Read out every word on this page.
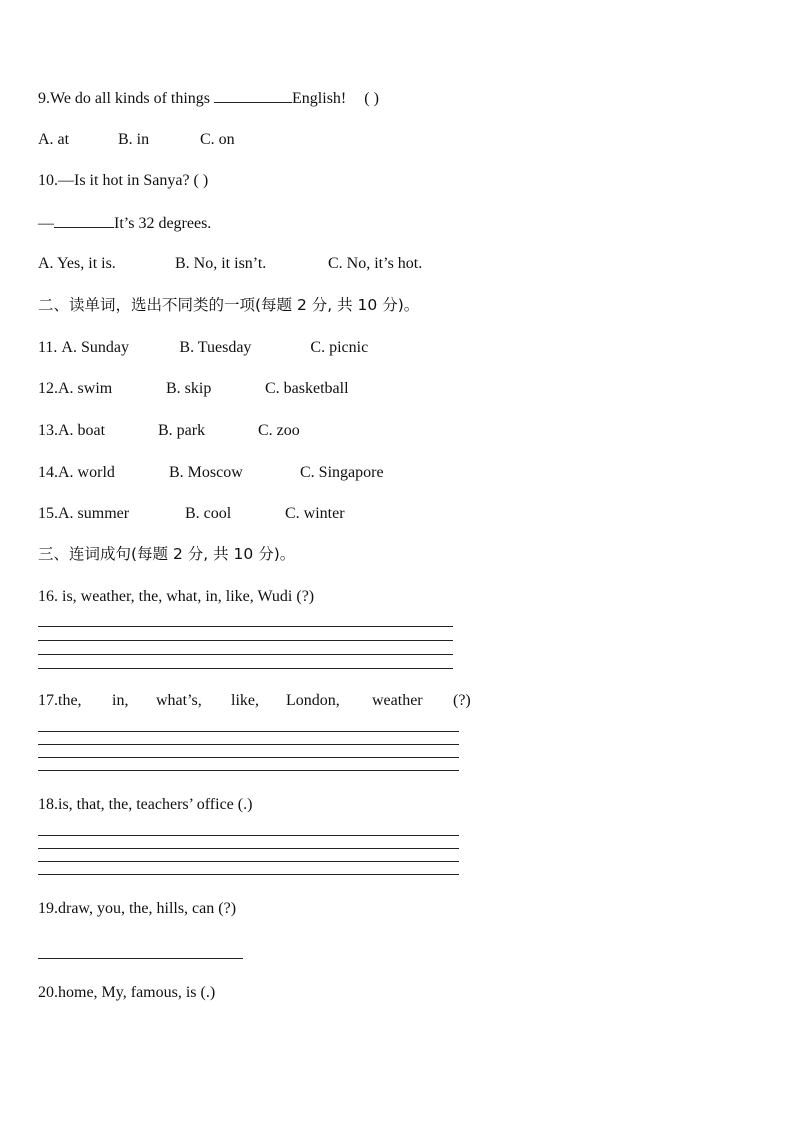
9.We do all kinds of things	English! ( )
A. at	B. in	C. on
10.—Is it hot in Sanya? ( )
—	It’s 32 degrees.
A. Yes, it is.	B. No, it isn’t.	C. No, it’s hot.
二、读单词，选出不同类的一项(每题 2 分, 共 10 分)。
11. A. Sunday	B. Tuesday	C. picnic
12.A. swim	B. skip	C. basketball
13.A. boat	B. park	C. zoo
14.A. world	B. Moscow	C. Singapore
15.A. summer	B. cool	C. winter
三、连词成句(每题 2 分, 共 10 分)。
16. is, weather, the, what, in, like, Wudi (?)
17.the, in, what’s, like, London, weather (?)
18.is, that, the, teachers’ office (.)
19.draw, you, the, hills, can (?)
20.home, My, famous, is (.)
